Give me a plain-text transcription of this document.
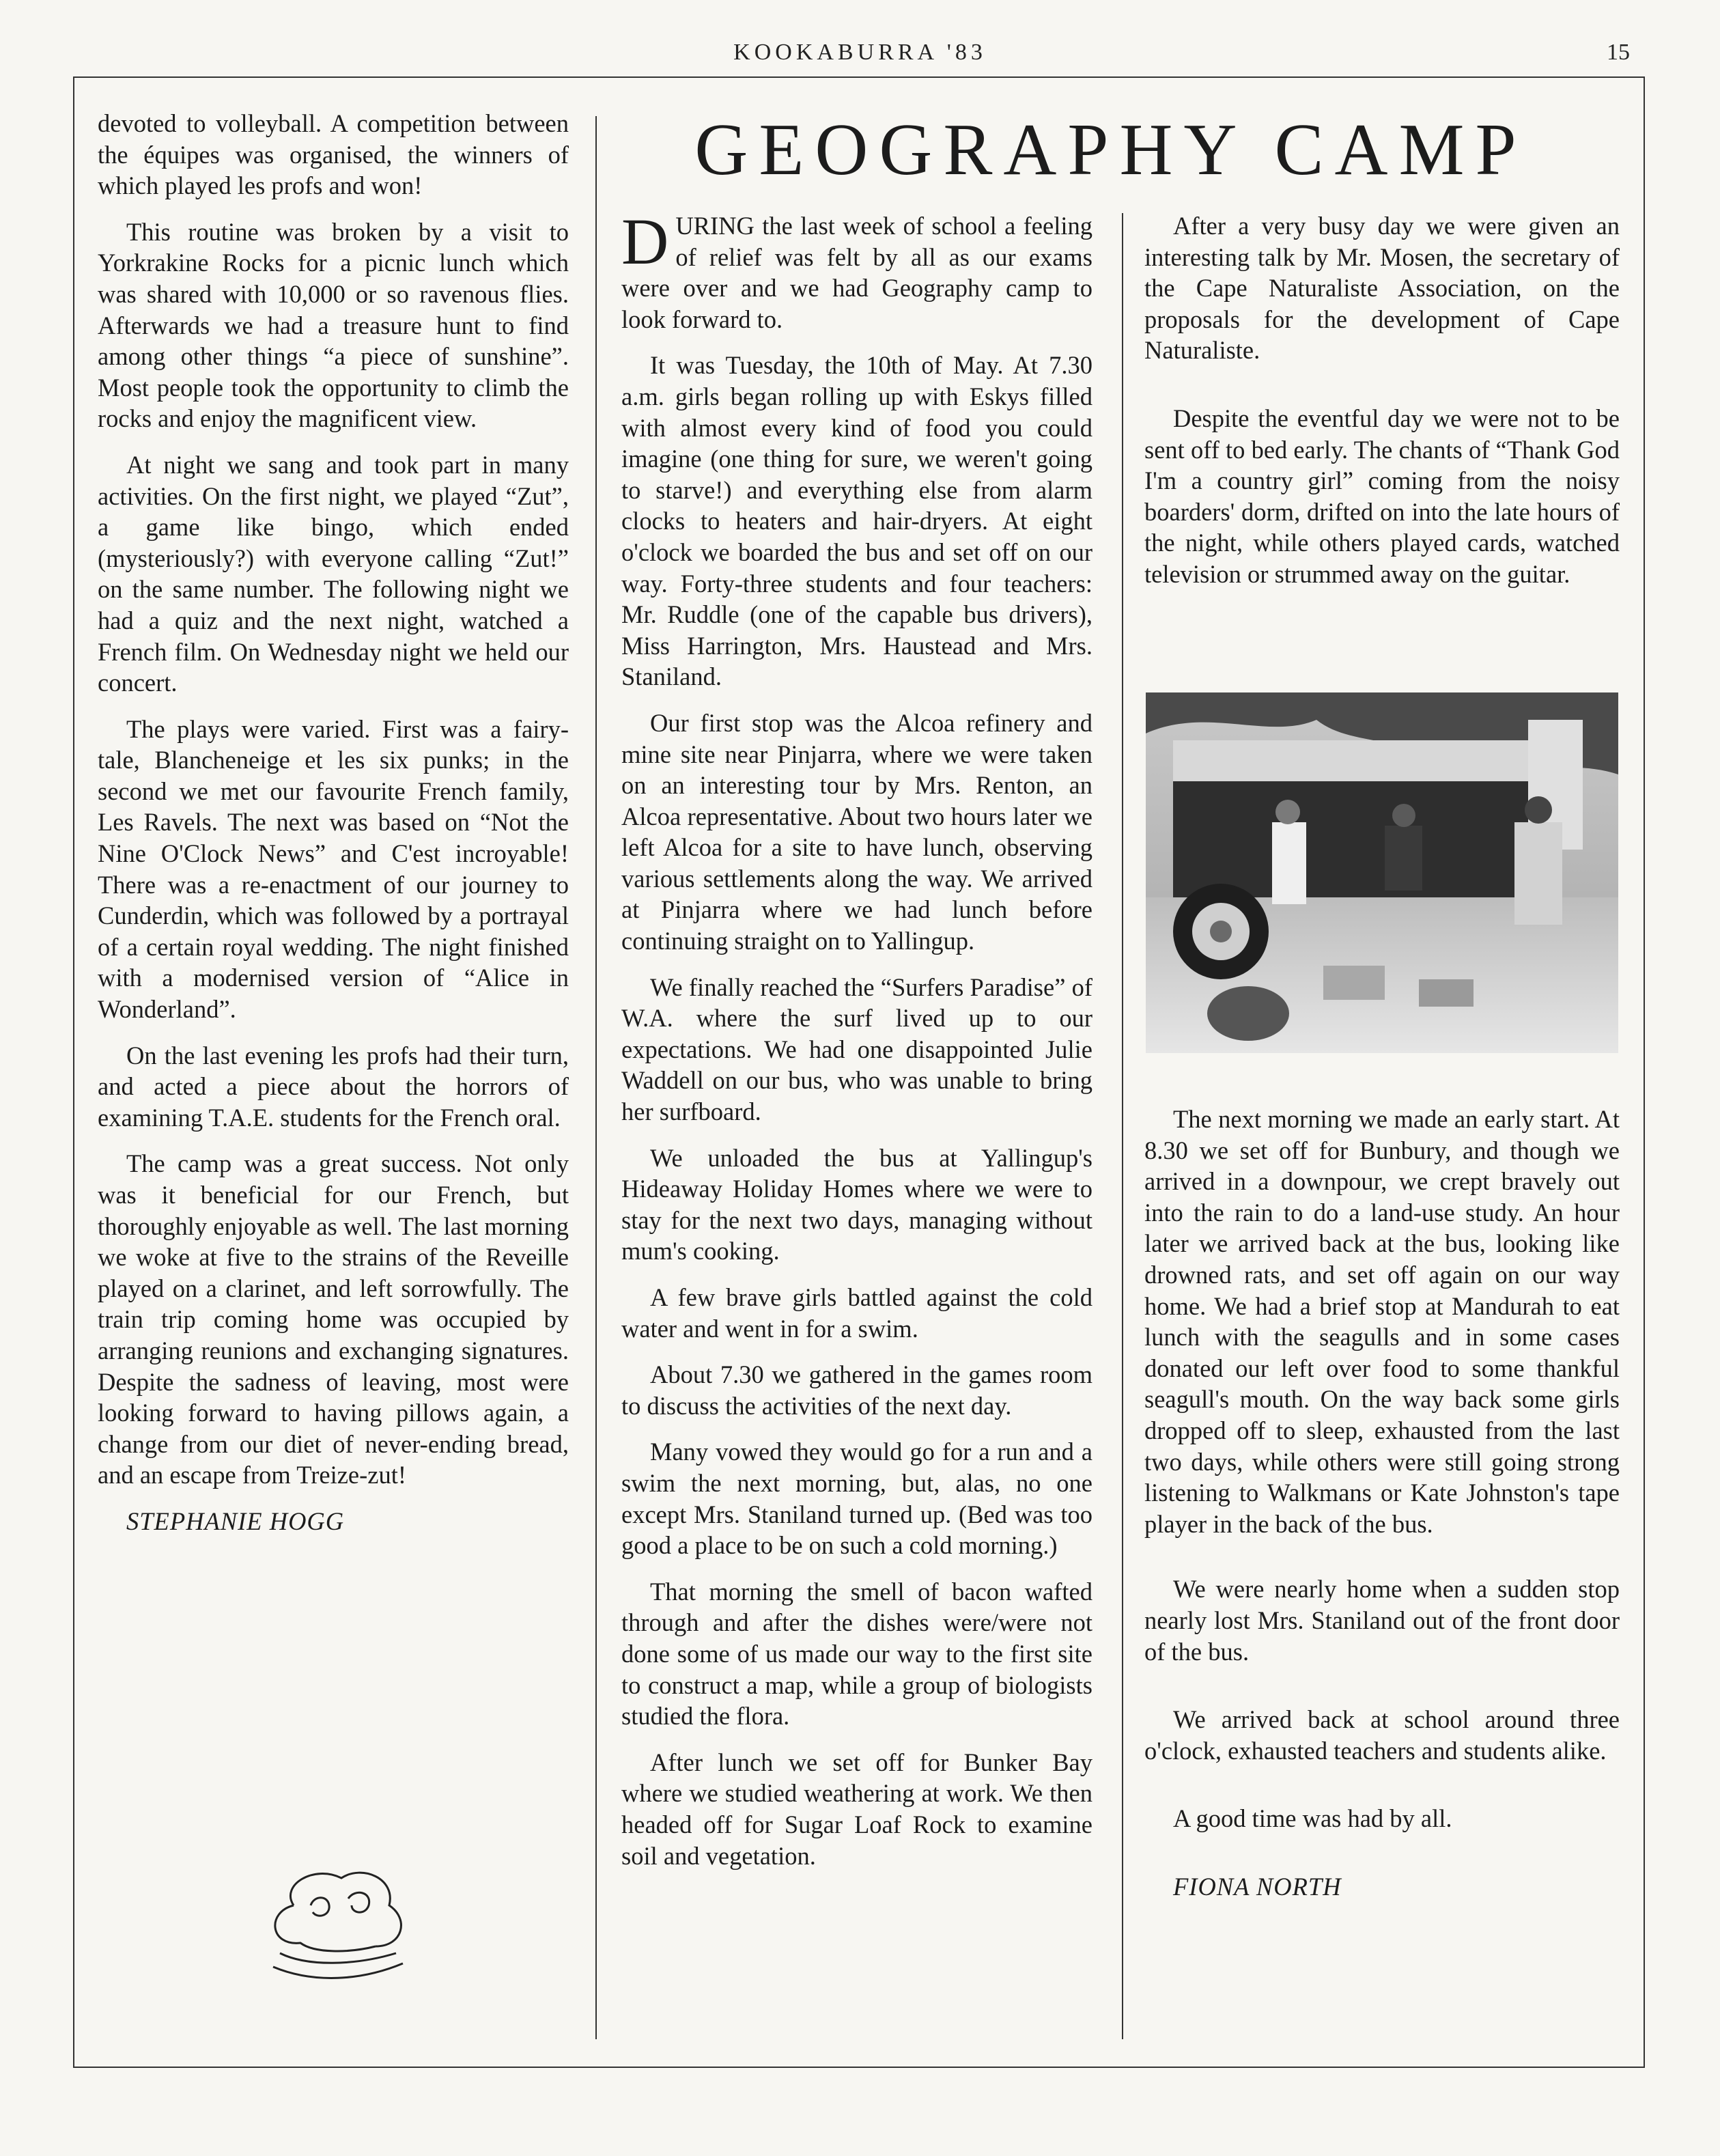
KOOKABURRA '83	15

devoted to volleyball. A competition between the équipes was organised, the winners of which played les profs and won!

This routine was broken by a visit to Yorkrakine Rocks for a picnic lunch which was shared with 10,000 or so ravenous flies. Afterwards we had a treasure hunt to find among other things “a piece of sunshine”. Most people took the opportunity to climb the rocks and enjoy the magnificent view.

At night we sang and took part in many activities. On the first night, we played “Zut”, a game like bingo, which ended (mysteriously?) with everyone calling “Zut!” on the same number. The following night we had a quiz and the next night, watched a French film. On Wednesday night we held our concert.

The plays were varied. First was a fairy-tale, Blancheneige et les six punks; in the second we met our favourite French family, Les Ravels. The next was based on “Not the Nine O'Clock News” and C'est incroyable! There was a re-enactment of our journey to Cunderdin, which was followed by a portrayal of a certain royal wedding. The night finished with a modernised version of “Alice in Wonderland”.

On the last evening les profs had their turn, and acted a piece about the horrors of examining T.A.E. students for the French oral.

The camp was a great success. Not only was it beneficial for our French, but thoroughly enjoyable as well. The last morning we woke at five to the strains of the Reveille played on a clarinet, and left sorrowfully. The train trip coming home was occupied by arranging reunions and exchanging signatures. Despite the sadness of leaving, most were looking forward to having pillows again, a change from our diet of never-ending bread, and an escape from Treize-zut!

STEPHANIE HOGG

GEOGRAPHY CAMP

DURING the last week of school a feeling of relief was felt by all as our exams were over and we had Geography camp to look forward to.

It was Tuesday, the 10th of May. At 7.30 a.m. girls began rolling up with Eskys filled with almost every kind of food you could imagine (one thing for sure, we weren't going to starve!) and everything else from alarm clocks to heaters and hair-dryers. At eight o'clock we boarded the bus and set off on our way. Forty-three students and four teachers: Mr. Ruddle (one of the capable bus drivers), Miss Harrington, Mrs. Haustead and Mrs. Staniland.

Our first stop was the Alcoa refinery and mine site near Pinjarra, where we were taken on an interesting tour by Mrs. Renton, an Alcoa representative. About two hours later we left Alcoa for a site to have lunch, observing various settlements along the way. We arrived at Pinjarra where we had lunch before continuing straight on to Yallingup.

We finally reached the “Surfers Paradise” of W.A. where the surf lived up to our expectations. We had one disappointed Julie Waddell on our bus, who was unable to bring her surfboard.

We unloaded the bus at Yallingup's Hideaway Holiday Homes where we were to stay for the next two days, managing without mum's cooking.

A few brave girls battled against the cold water and went in for a swim.

About 7.30 we gathered in the games room to discuss the activities of the next day.

Many vowed they would go for a run and a swim the next morning, but, alas, no one except Mrs. Staniland turned up. (Bed was too good a place to be on such a cold morning.)

That morning the smell of bacon wafted through and after the dishes were/were not done some of us made our way to the first site to construct a map, while a group of biologists studied the flora.

After lunch we set off for Bunker Bay where we studied weathering at work. We then headed off for Sugar Loaf Rock to examine soil and vegetation.

After a very busy day we were given an interesting talk by Mr. Mosen, the secretary of the Cape Naturaliste Association, on the proposals for the development of Cape Naturaliste.

Despite the eventful day we were not to be sent off to bed early. The chants of “Thank God I'm a country girl” coming from the noisy boarders' dorm, drifted on into the late hours of the night, while others played cards, watched television or strummed away on the guitar.

The next morning we made an early start. At 8.30 we set off for Bunbury, and though we arrived in a downpour, we crept bravely out into the rain to do a land-use study. An hour later we arrived back at the bus, looking like drowned rats, and set off again on our way home. We had a brief stop at Mandurah to eat lunch with the seagulls and in some cases donated our left over food to some thankful seagull's mouth. On the way back some girls dropped off to sleep, exhausted from the last two days, while others were still going strong listening to Walkmans or Kate Johnston's tape player in the back of the bus.

We were nearly home when a sudden stop nearly lost Mrs. Staniland out of the front door of the bus.

We arrived back at school around three o'clock, exhausted teachers and students alike.

A good time was had by all.

FIONA NORTH
